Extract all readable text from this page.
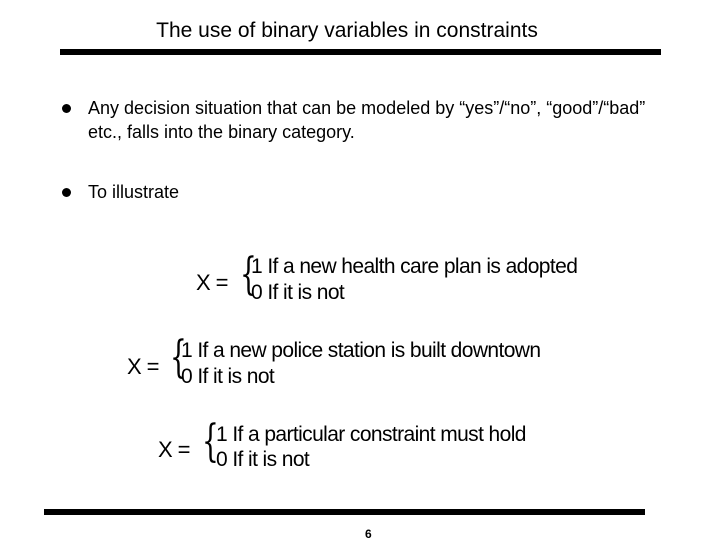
The use of binary variables in constraints
Any decision situation that can be modeled by “yes”/“no”, “good”/“bad” etc., falls into the binary category.
To illustrate
X = {
1 If a new health care plan is adopted
0 If it is not
X = {
1 If a new police station is built downtown
0 If it is not
X = {
1 If a particular constraint must hold
0 If it is not
6
